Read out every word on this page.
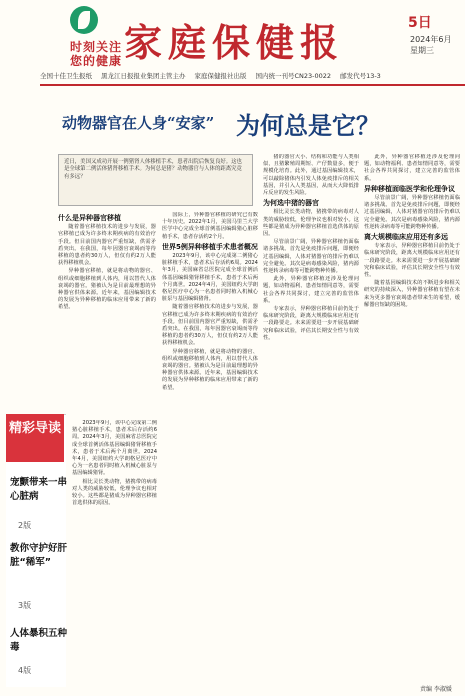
时刻关注
您的健康 家庭保健报	5日
2024年6月
星期三
全国十佳卫生报纸 黑龙江日报报业集团主管主办 家庭保健报社出版 国内统一刊号CN23-0022 邮发代号13-3
动物器官在人身“安家” 为何总是它？
近日，美国又成功开展一例猪肾人体移植手术，患者出院后恢复良好。这也是全球第二例活体猪肾移植手术。为何总是猪？动物器官与人体的距离究竟有多远？
什么是异种器官移植

随着器官移植技术的进步与发展，器官移植已成为许多终末期疾病的有效治疗手段。但目前国内器官严重短缺，供需矛盾突出。在我国，每年因器官衰竭而等待移植的患者约30万人，但仅有约2万人能获得移植机会。

异种器官移植，就是将动物的器官、组织或细胞移植到人体内，用以替代人体衰竭的器官。猪被认为是目前最理想的异种器官供体来源。近年来，基因编辑技术的发展为异种移植的临床应用带来了新的希望。

2023年9月，该中心完成第二例猪心脏移植手术，患者术后存活约6周。2024年3月，美国麻省总医院完成全球首例活体基因编辑猪肾移植手术，患者于术后两个月离世。2024年4月，美国纽约大学朗格尼医疗中心为一名患者同时植入机械心脏泵与基因编辑猪肾。

相比灵长类动物，猪携带的病毒对人类的威胁较低，伦理争议也相对较小。这些都是猪成为异种器官移植首选供体的原因。

国际上，异种器官移植的研究已有数十年历史。2022年1月，美国马里兰大学医学中心完成全球首例基因编辑猪心脏移植手术，患者存活约2个月。

世界5例异种移植手术患者概况

2023年9月，该中心完成第二例猪心脏移植手术，患者术后存活约6周。2024年3月，美国麻省总医院完成全球首例活体基因编辑猪肾移植手术，患者于术后两个月离世。2024年4月，美国纽约大学朗格尼医疗中心为一名患者同时植入机械心脏泵与基因编辑猪肾。

随着器官移植技术的进步与发展，器官移植已成为许多终末期疾病的有效治疗手段。但目前国内器官严重短缺，供需矛盾突出。在我国，每年因器官衰竭而等待移植的患者约30万人，但仅有约2万人能获得移植机会。

异种器官移植，就是将动物的器官、组织或细胞移植到人体内，用以替代人体衰竭的器官。猪被认为是目前最理想的异种器官供体来源。近年来，基因编辑技术的发展为异种移植的临床应用带来了新的希望。

猪的器官大小、结构和功能与人类相似，且猪繁殖周期短、产仔数量多，便于规模化培育。此外，通过基因编辑技术，可以敲除猪体内引发人体免疫排斥的相关基因，并引入人类基因，从而大大降低排斥反应的发生风险。

为何选中猪的器官

相比灵长类动物，猪携带的病毒对人类的威胁较低，伦理争议也相对较小。这些都是猪成为异种器官移植首选供体的原因。

尽管前景广阔，异种器官移植仍面临诸多挑战。首先是免疫排斥问题，即便经过基因编辑，人体对猪器官的排斥仍难以完全避免。其次是病毒感染风险，猪内源性逆转录病毒等可能跨物种传播。

此外，异种器官移植还涉及伦理问题，如动物福利、患者知情同意等，需要社会各界共同探讨，建立完善的监管体系。

专家表示，异种器官移植目前仍处于临床研究阶段，距离大规模临床应用还有一段路要走。未来需要进一步开展基础研究和临床试验，评估其长期安全性与有效性。

此外，异种器官移植还涉及伦理问题，如动物福利、患者知情同意等，需要社会各界共同探讨，建立完善的监管体系。

异种移植面临医学和伦理争议

尽管前景广阔，异种器官移植仍面临诸多挑战。首先是免疫排斥问题，即便经过基因编辑，人体对猪器官的排斥仍难以完全避免。其次是病毒感染风险，猪内源性逆转录病毒等可能跨物种传播。

离大规模临床应用还有多远

专家表示，异种器官移植目前仍处于临床研究阶段，距离大规模临床应用还有一段路要走。未来需要进一步开展基础研究和临床试验，评估其长期安全性与有效性。

随着基因编辑技术的不断进步和相关研究的持续深入，异种器官移植有望在未来为更多器官衰竭患者带来生的希望，缓解器官短缺的困境。

精彩导读
宠颤带来一串心脏病
2版
教你守护好肝脏“稀军”
3版
人体暴积五种毒
4版
责编 李淑媛
